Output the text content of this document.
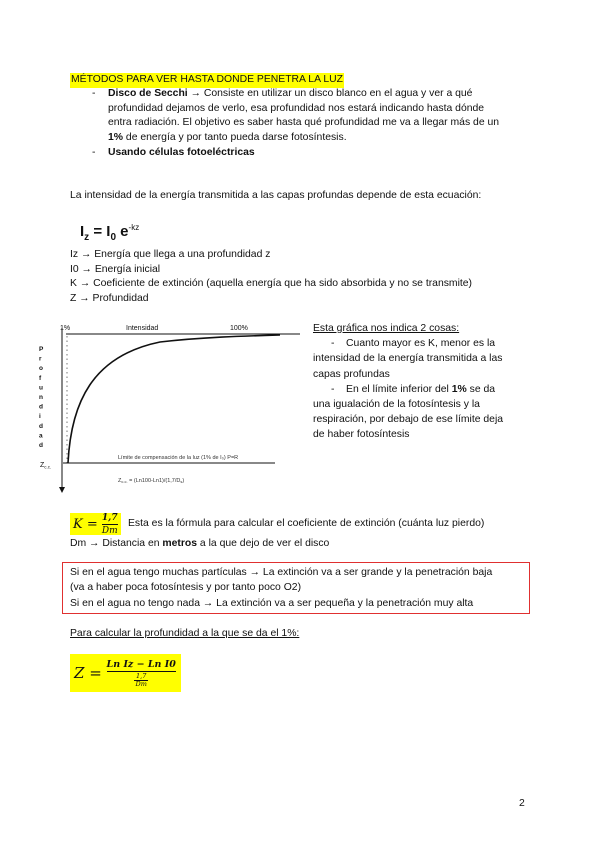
MÉTODOS PARA VER HASTA DONDE PENETRA LA LUZ
- Disco de Secchi → Consiste en utilizar un disco blanco en el agua y ver a qué
profundidad dejamos de verlo, esa profundidad nos estará indicando hasta dónde
entra radiación. El objetivo es saber hasta qué profundidad me va a llegar más de un
1% de energía y por tanto pueda darse fotosíntesis.
- Usando células fotoeléctricas
La intensidad de la energía transmitida a las capas profundas depende de esta ecuación:
$I_z = I_0$ $e^{-kz}$
Iz → Energía que llega a una profundidad z
I0 → Energía inicial
K → Coeficiente de extinción (aquella energía que ha sido absorbida y no se transmite)
Z → Profundidad
1%	Intensidad	100%
P
r
o
f
u
n
d
i
d
a
d
$Z_{c.c.}$
Límite de compensación de la luz (1% de I₀) P=R
Zc.c. = (Ln100-Ln1)/(1,7/Ds)
Esta gráfica nos indica 2 cosas:
- Cuanto mayor es K, menor es la
intensidad de la energía transmitida a las
capas profundas
- En el límite inferior del 1% se da
una igualación de la fotosíntesis y la
respiración, por debajo de ese límite deja
de haber fotosíntesis
$K = \frac{1,7}{Dm}$ Esta es la fórmula para calcular el coeficiente de extinción (cuánta luz pierdo)
Dm → Distancia en metros a la que dejo de ver el disco
Si en el agua tengo muchas partículas → La extinción va a ser grande y la penetración baja
(va a haber poca fotosíntesis y por tanto poco O2)
Si en el agua no tengo nada → La extinción va a ser pequeña y la penetración muy alta
Para calcular la profundidad a la que se da el 1%:
$Z = \frac{\text{Ln Iz − Ln I0}}{\frac{1,7}{Dm}}$
2
